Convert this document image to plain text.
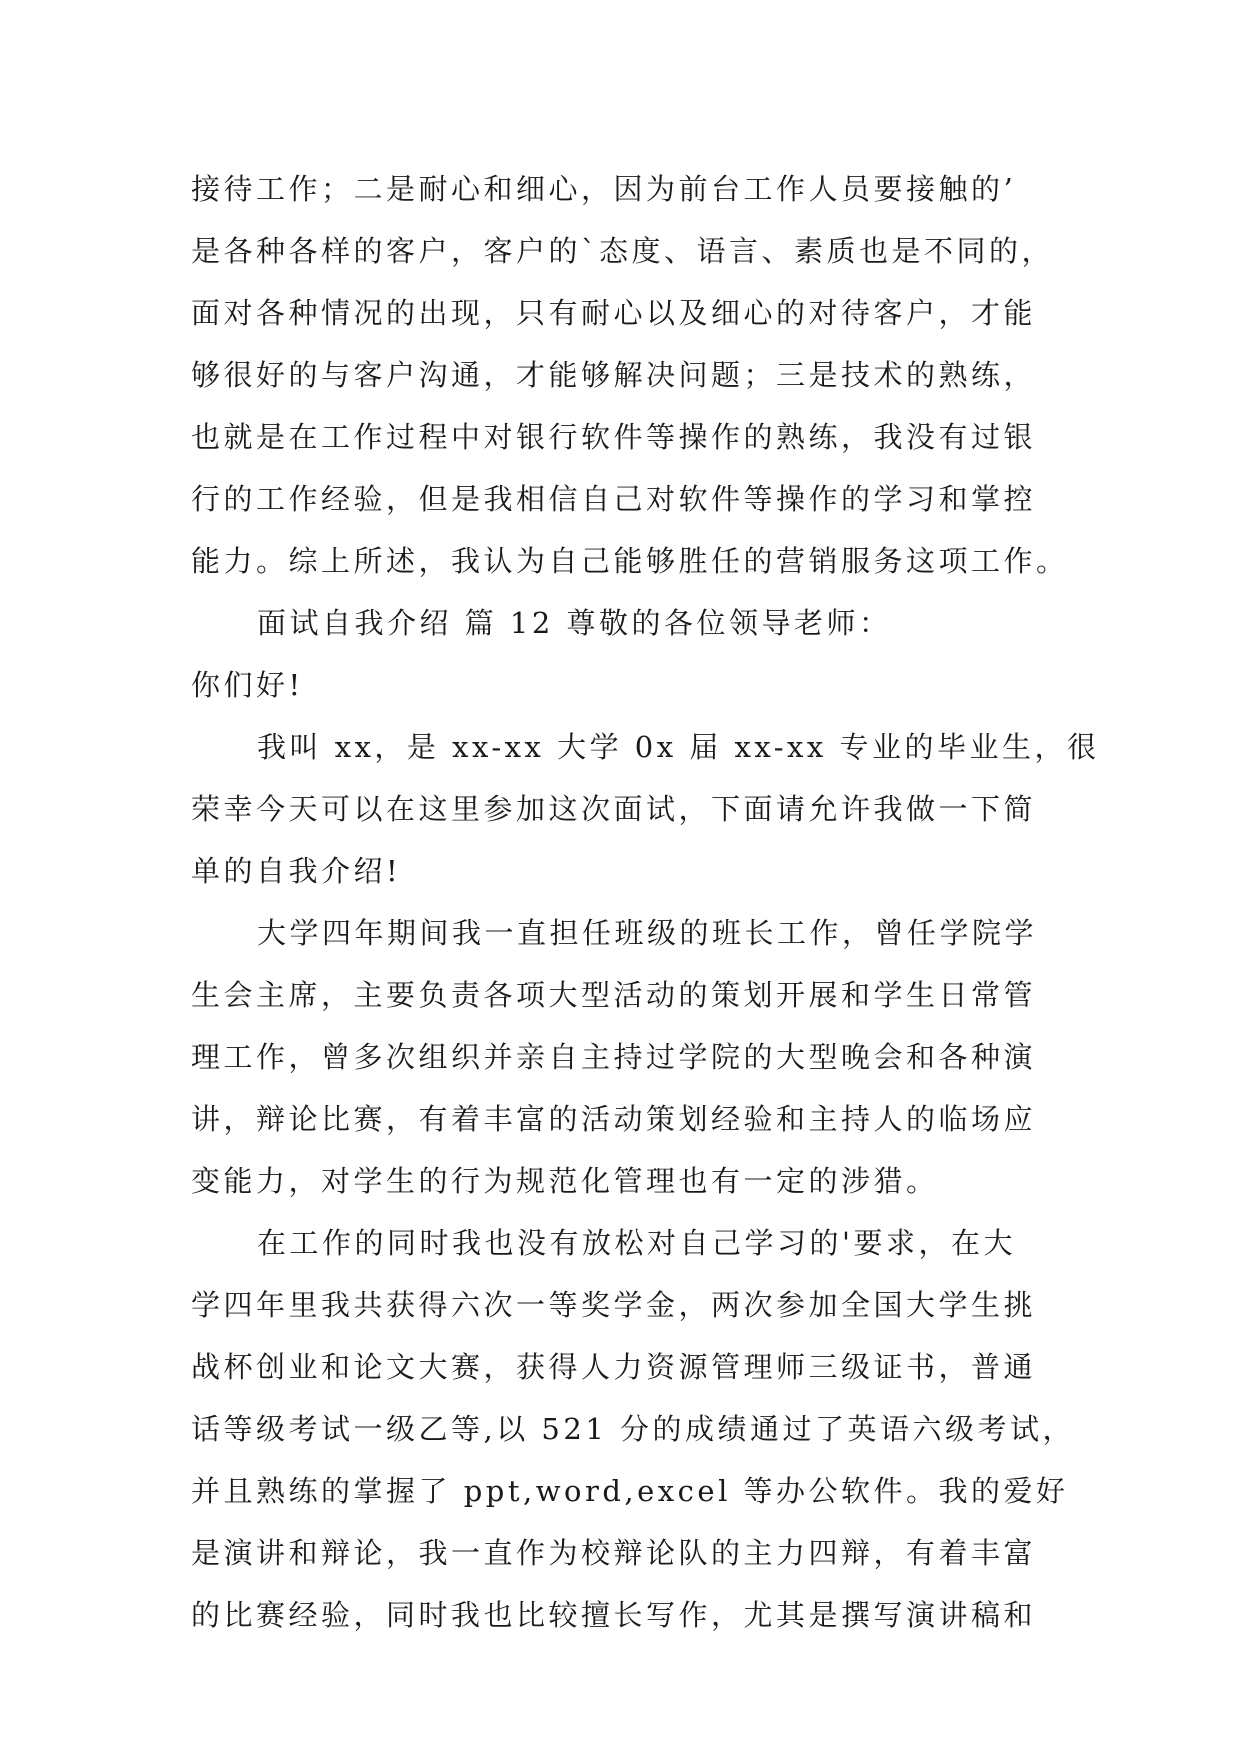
接待工作；二是耐心和细心，因为前台工作人员要接触的’
是各种各样的客户，客户的`态度、语言、素质也是不同的，
面对各种情况的出现，只有耐心以及细心的对待客户，才能
够很好的与客户沟通，才能够解决问题；三是技术的熟练，
也就是在工作过程中对银行软件等操作的熟练，我没有过银
行的工作经验，但是我相信自己对软件等操作的学习和掌控
能力。综上所述，我认为自己能够胜任的营销服务这项工作。
面试自我介绍 篇 12 尊敬的各位领导老师：
你们好!
我叫 xx，是 xx-xx 大学 0x 届 xx-xx 专业的毕业生，很
荣幸今天可以在这里参加这次面试，下面请允许我做一下简
单的自我介绍!
大学四年期间我一直担任班级的班长工作，曾任学院学
生会主席，主要负责各项大型活动的策划开展和学生日常管
理工作，曾多次组织并亲自主持过学院的大型晚会和各种演
讲，辩论比赛，有着丰富的活动策划经验和主持人的临场应
变能力，对学生的行为规范化管理也有一定的涉猎。
在工作的同时我也没有放松对自己学习的'要求，在大
学四年里我共获得六次一等奖学金，两次参加全国大学生挑
战杯创业和论文大赛，获得人力资源管理师三级证书，普通
话等级考试一级乙等,以 521 分的成绩通过了英语六级考试，
并且熟练的掌握了 ppt,word,excel 等办公软件。我的爱好
是演讲和辩论，我一直作为校辩论队的主力四辩，有着丰富
的比赛经验，同时我也比较擅长写作，尤其是撰写演讲稿和
